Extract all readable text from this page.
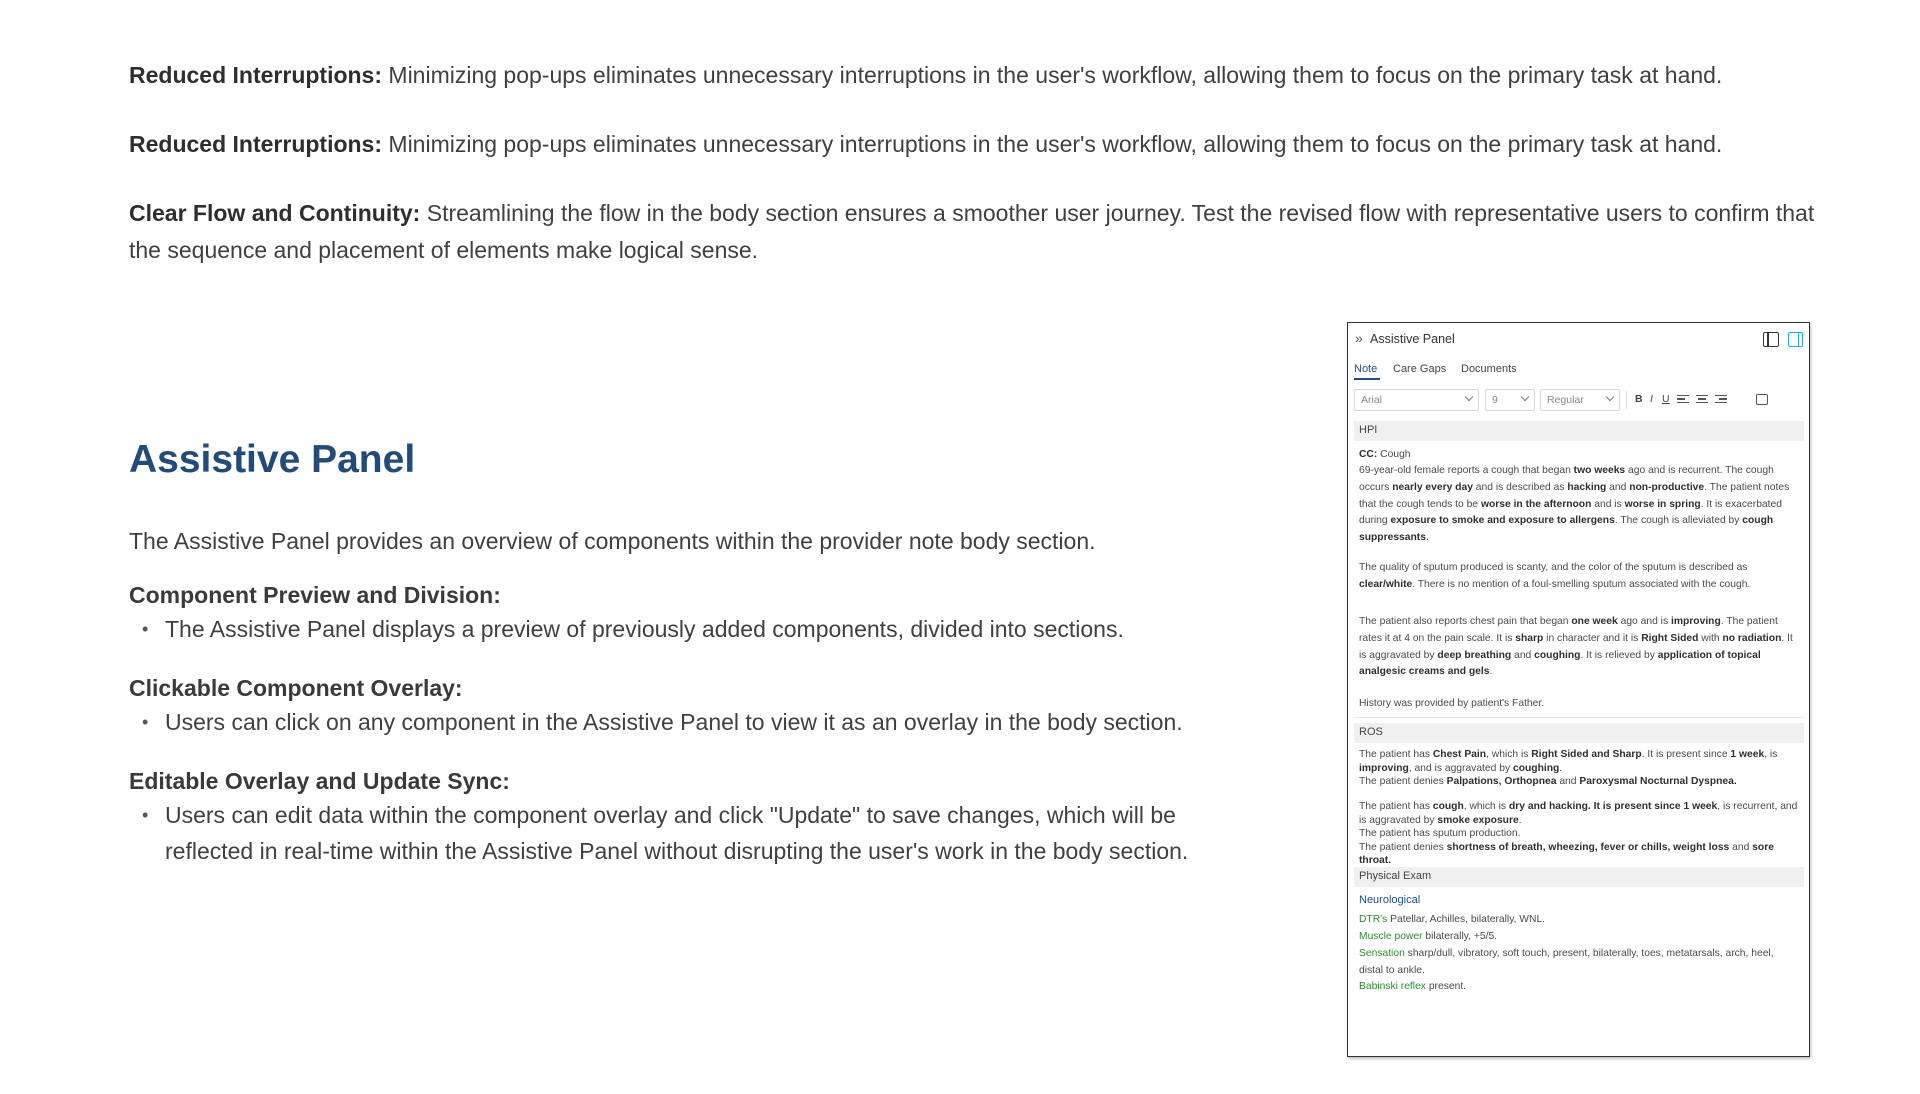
Reduced Interruptions: Minimizing pop-ups eliminates unnecessary interruptions in the user's workflow, allowing them to focus on the primary task at hand.
Reduced Interruptions: Minimizing pop-ups eliminates unnecessary interruptions in the user's workflow, allowing them to focus on the primary task at hand.
Clear Flow and Continuity: Streamlining the flow in the body section ensures a smoother user journey. Test the revised flow with representative users to confirm that the sequence and placement of elements make logical sense.
Assistive Panel
The Assistive Panel provides an overview of components within the provider note body section.
Component Preview and Division:
• The Assistive Panel displays a preview of previously added components, divided into sections.
Clickable Component Overlay:
• Users can click on any component in the Assistive Panel to view it as an overlay in the body section.
Editable Overlay and Update Sync:
• Users can edit data within the component overlay and click "Update" to save changes, which will be reflected in real-time within the Assistive Panel without disrupting the user's work in the body section.
» Assistive Panel
Note Care Gaps Documents
Arial	9	Regular	B I U
HPI
CC: Cough
69-year-old female reports a cough that began two weeks ago and is recurrent. The cough occurs nearly every day and is described as hacking and non-productive. The patient notes that the cough tends to be worse in the afternoon and is worse in spring. It is exacerbated during exposure to smoke and exposure to allergens. The cough is alleviated by cough suppressants.
The quality of sputum produced is scanty, and the color of the sputum is described as clear/white. There is no mention of a foul-smelling sputum associated with the cough.
The patient also reports chest pain that began one week ago and is improving. The patient rates it at 4 on the pain scale. It is sharp in character and it is Right Sided with no radiation. It is aggravated by deep breathing and coughing. It is relieved by application of topical analgesic creams and gels.
History was provided by patient's Father.
ROS
The patient has Chest Pain, which is Right Sided and Sharp. It is present since 1 week, is improving, and is aggravated by coughing.
The patient denies Palpations, Orthopnea and Paroxysmal Nocturnal Dyspnea.
The patient has cough, which is dry and hacking. It is present since 1 week, is recurrent, and is aggravated by smoke exposure.
The patient has sputum production.
The patient denies shortness of breath, wheezing, fever or chills, weight loss and sore throat.
Physical Exam
Neurological
DTR's Patellar, Achilles, bilaterally, WNL.
Muscle power bilaterally, +5/5.
Sensation sharp/dull, vibratory, soft touch, present, bilaterally, toes, metatarsals, arch, heel, distal to ankle.
Babinski reflex present.
